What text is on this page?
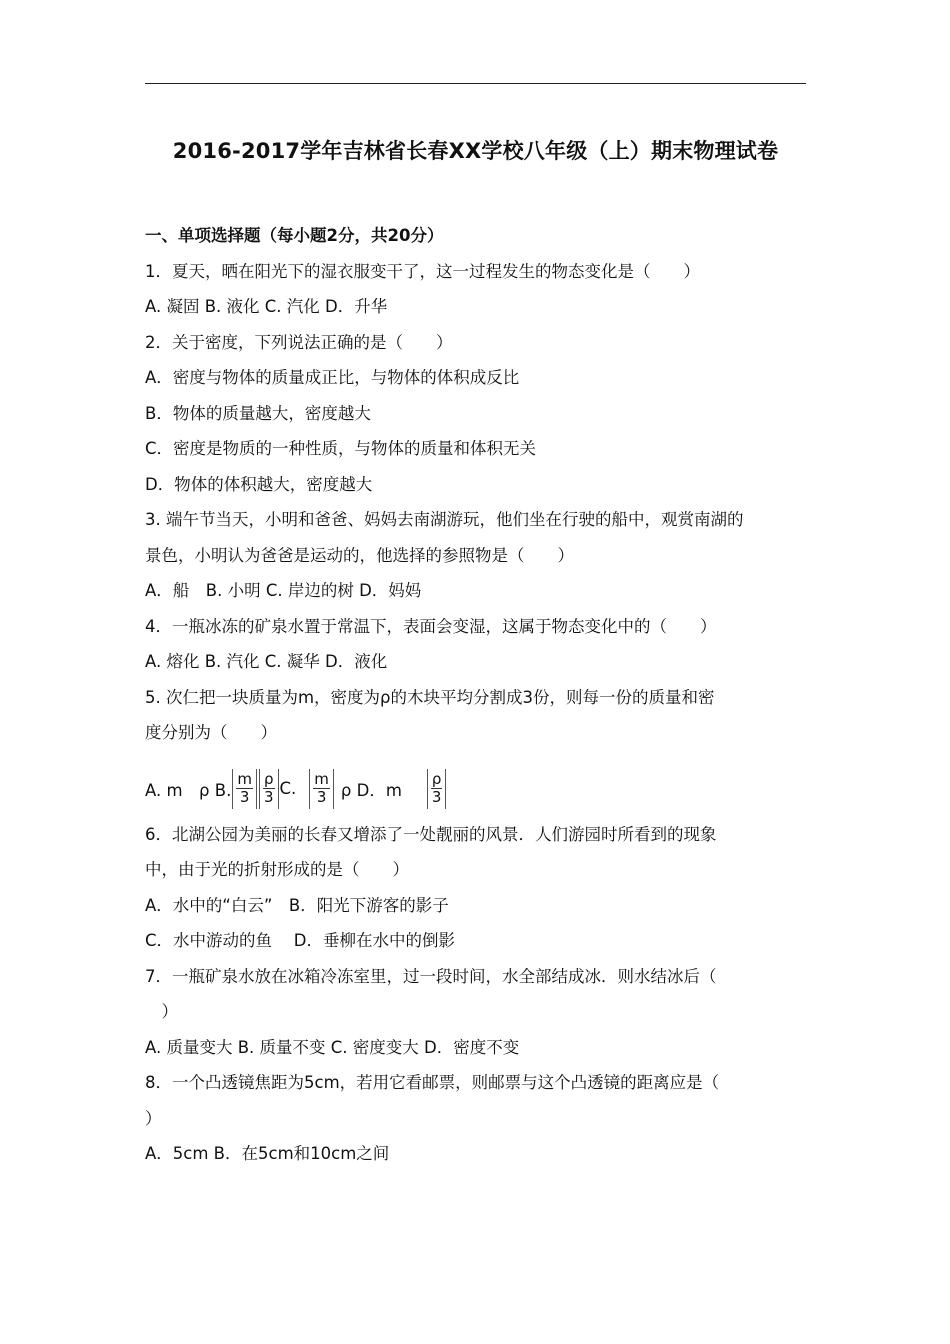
2016-2017学年吉林省长春XX学校八年级（上）期末物理试卷
一、单项选择题（每小题2分，共20分）
1．夏天，晒在阳光下的湿衣服变干了，这一过程发生的物态变化是（　　）
A. 凝固 B. 液化 C. 汽化 D．升华
2．关于密度，下列说法正确的是（　　）
A．密度与物体的质量成正比，与物体的体积成反比
B．物体的质量越大，密度越大
C．密度是物质的一种性质，与物体的质量和体积无关
D．物体的体积越大，密度越大
3. 端午节当天，小明和爸爸、妈妈去南湖游玩，他们坐在行驶的船中，观赏南湖的
景色，小明认为爸爸是运动的，他选择的参照物是（　　）
A．船　B. 小明 C. 岸边的树 D．妈妈
4．一瓶冰冻的矿泉水置于常温下，表面会变湿，这属于物态变化中的（　　）
A. 熔化 B. 汽化 C. 凝华 D．液化
5. 次仁把一块质量为m，密度为ρ的木块平均分割成3份，则每一份的质量和密
度分别为（　　）
A. m　ρ B. $\frac{m}{3} \frac{\rho}{3} C$. $\frac{m}{3}$ ρ D．m $\frac{\rho}{3}$
6．北湖公园为美丽的长春又增添了一处靓丽的风景．人们游园时所看到的现象
中，由于光的折射形成的是（　　）
A．水中的“白云”　B．阳光下游客的影子
C．水中游动的鱼　 D．垂柳在水中的倒影
7．一瓶矿泉水放在冰箱冷冻室里，过一段时间，水全部结成冰．则水结冰后（
　）
A. 质量变大 B. 质量不变 C. 密度变大 D．密度不变
8．一个凸透镜焦距为5cm，若用它看邮票，则邮票与这个凸透镜的距离应是（
）
A．5cm B．在5cm和10cm之间
